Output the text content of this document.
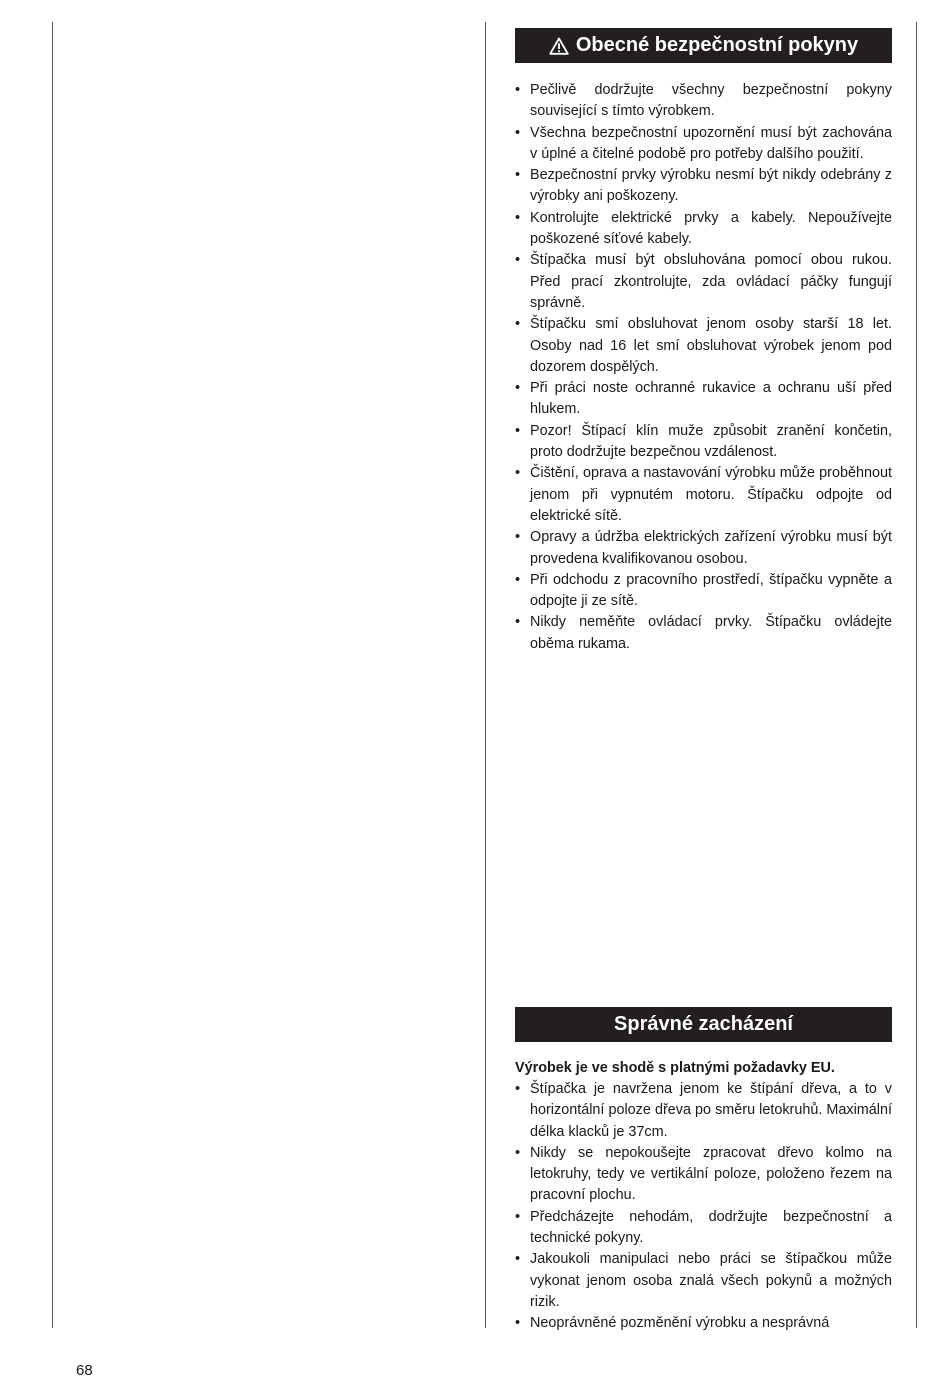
Obecné bezpečnostní pokyny
• Pečlivě dodržujte všechny bezpečnostní pokyny související s tímto výrobkem.
• Všechna bezpečnostní upozornění musí být zachována v úplné a čitelné podobě pro potřeby dalšího použití.
• Bezpečnostní prvky výrobku nesmí být nikdy odebrány z výrobky ani poškozeny.
• Kontrolujte elektrické prvky a kabely. Nepoužívejte poškozené síťové kabely.
• Štípačka musí být obsluhována pomocí obou rukou. Před prací zkontrolujte, zda ovládací páčky fungují správně.
• Štípačku smí obsluhovat jenom osoby starší 18 let. Osoby nad 16 let smí obsluhovat výrobek jenom pod dozorem dospělých.
• Při práci noste ochranné rukavice a ochranu uší před hlukem.
• Pozor! Štípací klín muže způsobit zranění končetin, proto dodržujte bezpečnou vzdálenost.
• Čištění, oprava a nastavování výrobku může proběhnout jenom při vypnutém motoru. Štípačku odpojte od elektrické sítě.
• Opravy a údržba elektrických zařízení výrobku musí být provedena kvalifikovanou osobou.
• Při odchodu z pracovního prostředí, štípačku vypněte a odpojte ji ze sítě.
• Nikdy neměňte ovládací prvky. Štípačku ovládejte oběma rukama.
Správné zacházení
Výrobek je ve shodě s platnými požadavky EU.
• Štípačka je navržena jenom ke štípání dřeva, a to v horizontální poloze dřeva po směru letokruhů. Maximální délka klacků je 37cm.
• Nikdy se nepokoušejte zpracovat dřevo kolmo na letokruhy, tedy ve vertikální poloze, položeno řezem na pracovní plochu.
• Předcházejte nehodám, dodržujte bezpečnostní a technické pokyny.
• Jakoukoli manipulaci nebo práci se štípačkou může vykonat jenom osoba znalá všech pokynů a možných rizik.
• Neoprávněné pozměnění výrobku a nesprávná
68
